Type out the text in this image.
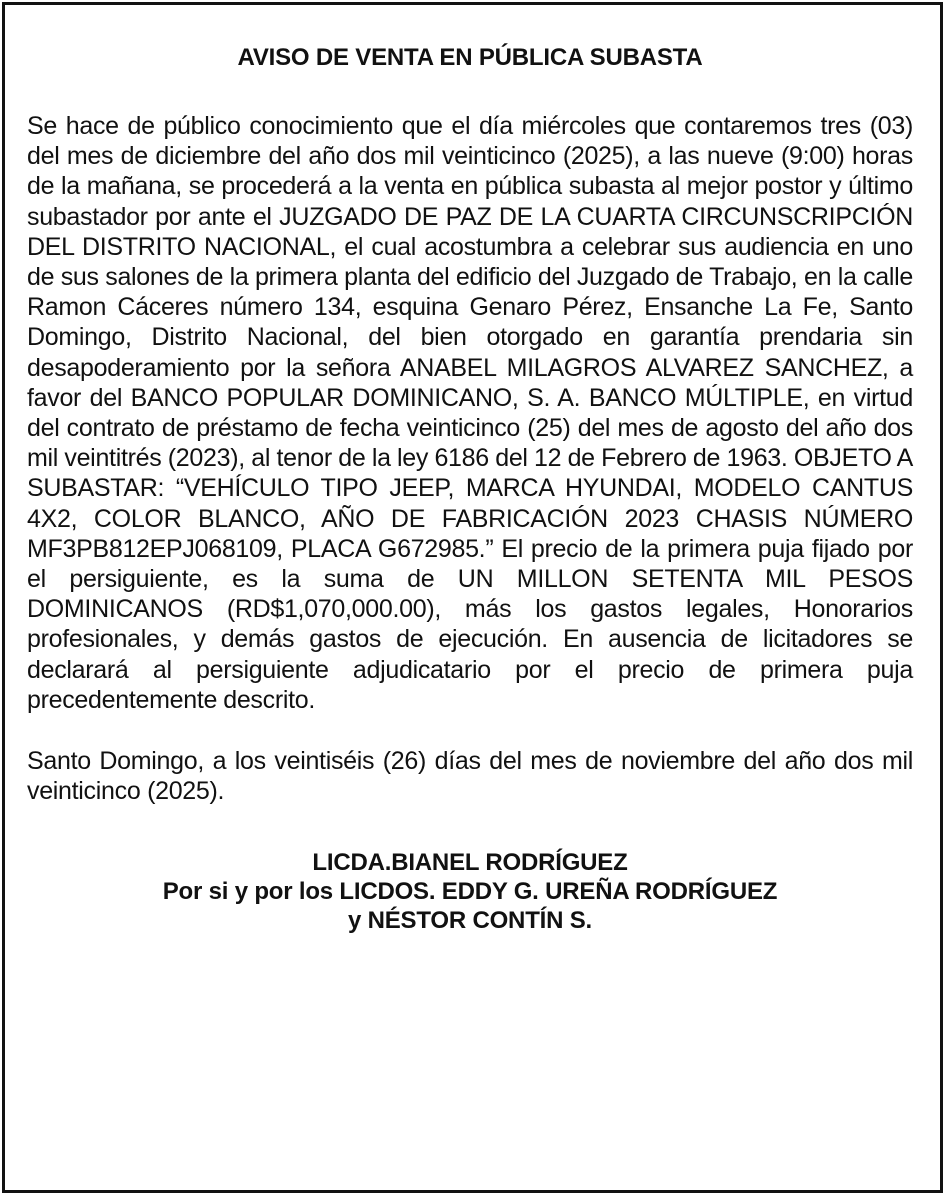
AVISO DE VENTA EN PÚBLICA SUBASTA

Se hace de público conocimiento que el día miércoles que contaremos tres (03) del mes de diciembre del año dos mil veinticinco (2025), a las nueve (9:00) horas de la mañana, se procederá a la venta en pública subasta al mejor postor y último subastador por ante el JUZGADO DE PAZ DE LA CUARTA CIRCUNSCRIPCIÓN DEL DISTRITO NACIONAL, el cual acostumbra a celebrar sus audiencia en uno de sus salones de la primera planta del edificio del Juzgado de Trabajo, en la calle Ramon Cáceres número 134, esquina Genaro Pérez, Ensanche La Fe, Santo Domingo, Distrito Nacional, del bien otorgado en garantía prendaria sin desapoderamiento por la señora ANABEL MILAGROS ALVAREZ SANCHEZ, a favor del BANCO POPULAR DOMINICANO, S. A. BANCO MÚLTIPLE, en virtud del contrato de préstamo de fecha veinticinco (25) del mes de agosto del año dos mil veintitrés (2023), al tenor de la ley 6186 del 12 de Febrero de 1963. OBJETO A SUBASTAR: “VEHÍCULO TIPO JEEP, MARCA HYUNDAI, MODELO CANTUS 4X2, COLOR BLANCO, AÑO DE FABRICACIÓN 2023 CHASIS NÚMERO MF3PB812EPJ068109, PLACA G672985.” El precio de la primera puja fijado por el persiguiente, es la suma de UN MILLON SETENTA MIL PESOS DOMINICANOS (RD$1,070,000.00), más los gastos legales, Honorarios profesionales, y demás gastos de ejecución. En ausencia de licitadores se declarará al persiguiente adjudicatario por el precio de primera puja precedentemente descrito.

Santo Domingo, a los veintiséis (26) días del mes de noviembre del año dos mil veinticinco (2025).

LICDA.BIANEL RODRÍGUEZ
Por si y por los LICDOS. EDDY G. UREÑA RODRÍGUEZ
y NÉSTOR CONTÍN S.
